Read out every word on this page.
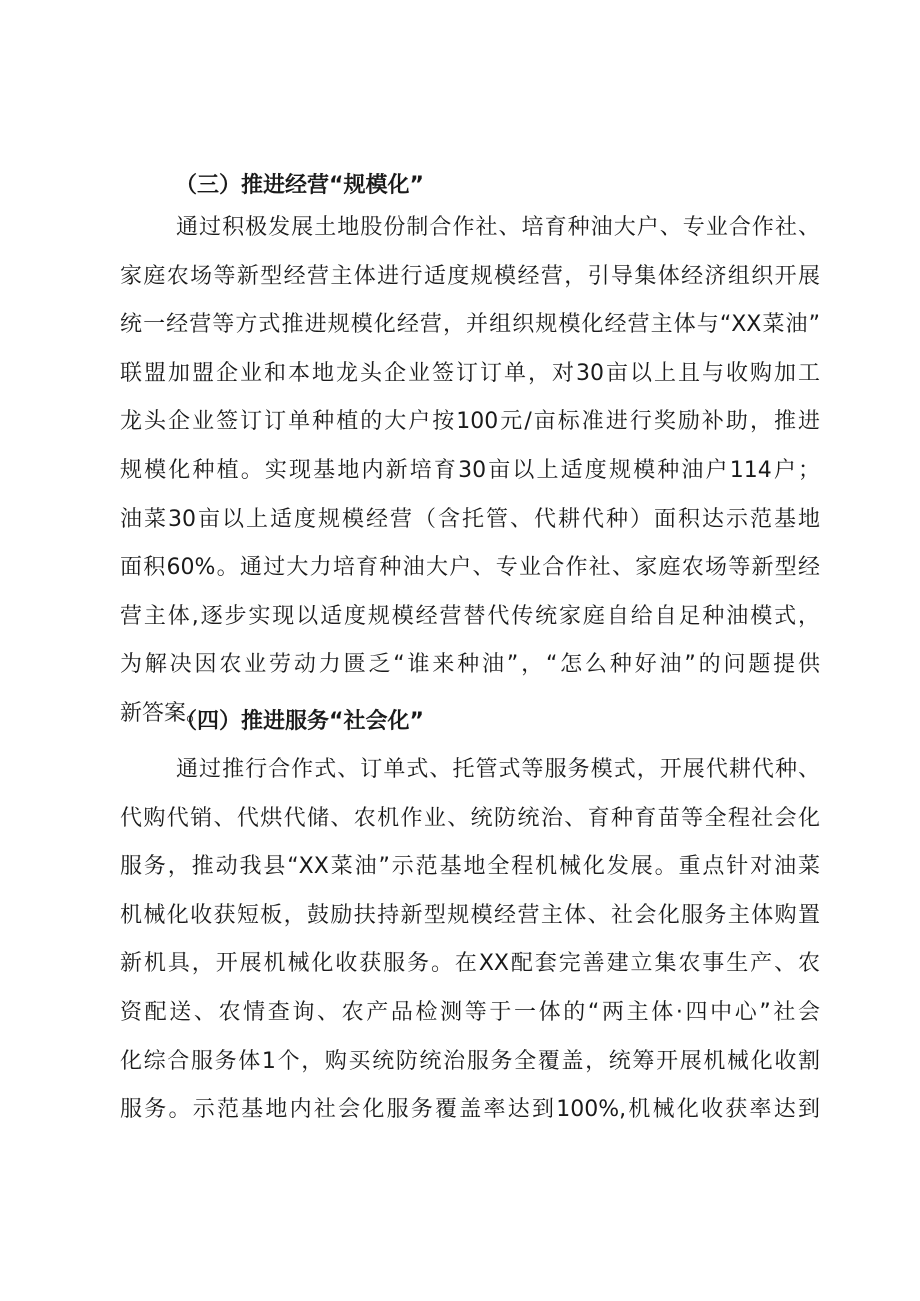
（三）推进经营“规模化”
通过积极发展土地股份制合作社、培育种油大户、专业合作社、
家庭农场等新型经营主体进行适度规模经营，引导集体经济组织开展
统一经营等方式推进规模化经营，并组织规模化经营主体与“XX菜油”
联盟加盟企业和本地龙头企业签订订单，对30亩以上且与收购加工
龙头企业签订订单种植的大户按100元/亩标准进行奖励补助，推进
规模化种植。实现基地内新培育30亩以上适度规模种油户114户；
油菜30亩以上适度规模经营（含托管、代耕代种）面积达示范基地
面积60%。通过大力培育种油大户、专业合作社、家庭农场等新型经
营主体,逐步实现以适度规模经营替代传统家庭自给自足种油模式，
为解决因农业劳动力匮乏“谁来种油”，“怎么种好油”的问题提供
新答案。
（四）推进服务“社会化”
通过推行合作式、订单式、托管式等服务模式，开展代耕代种、
代购代销、代烘代储、农机作业、统防统治、育种育苗等全程社会化
服务，推动我县“XX菜油”示范基地全程机械化发展。重点针对油菜
机械化收获短板，鼓励扶持新型规模经营主体、社会化服务主体购置
新机具，开展机械化收获服务。在XX配套完善建立集农事生产、农
资配送、农情查询、农产品检测等于一体的“两主体·四中心”社会
化综合服务体1个，购买统防统治服务全覆盖，统筹开展机械化收割
服务。示范基地内社会化服务覆盖率达到100%,机械化收获率达到
